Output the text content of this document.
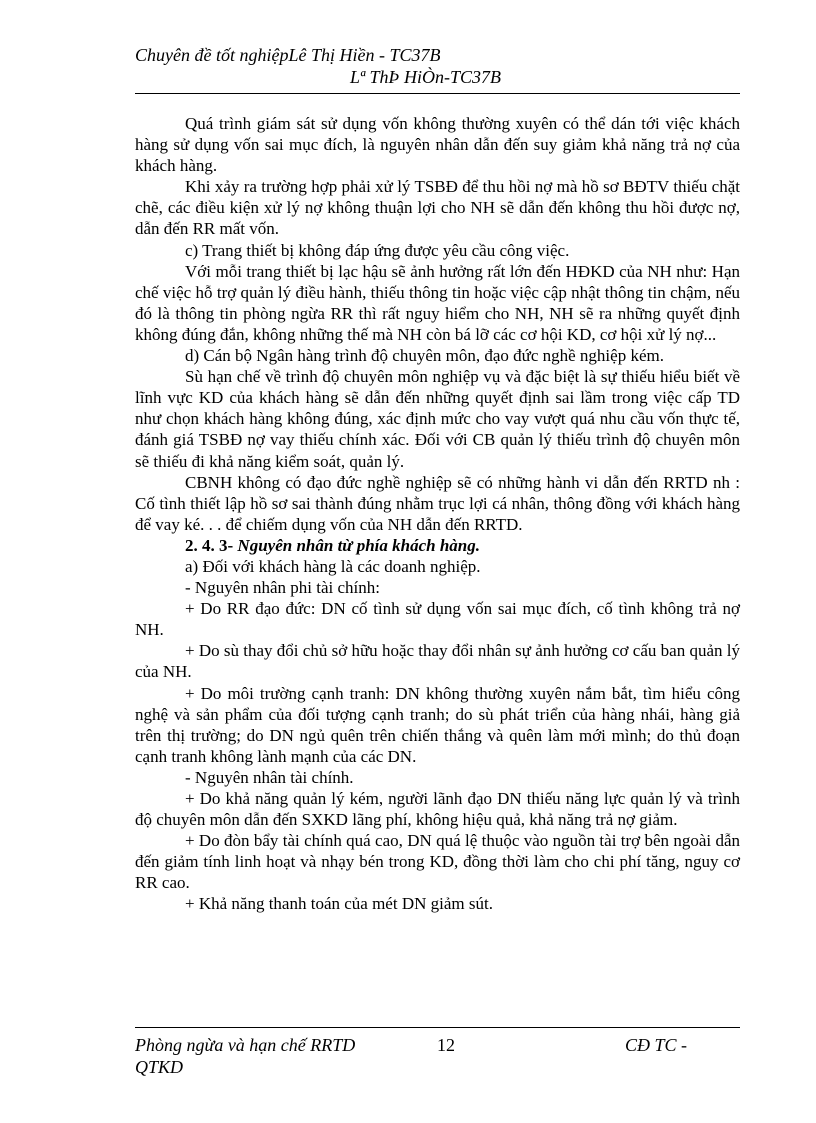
Chuyên đề tốt nghiệpLê Thị Hiền - TC37B
Lª ThÞ HiÒn-TC37B

Quá trình giám sát sử dụng vốn không thường xuyên có thể dán tới việc khách hàng sử dụng vốn sai mục đích, là nguyên nhân dẫn đến suy giảm khả năng trả nợ của khách hàng.

Khi xảy ra trường hợp phải xử lý TSBĐ để thu hồi nợ mà hồ sơ BĐTV thiếu chặt chẽ, các điều kiện xử lý nợ không thuận lợi cho NH sẽ dẫn đến không thu hồi được nợ, dẫn đến RR mất vốn.

c) Trang thiết bị không đáp ứng được yêu cầu công việc.

Với mỗi trang thiết bị lạc hậu sẽ ảnh hưởng rất lớn đến HĐKD của NH như: Hạn chế việc hỗ trợ quản lý điều hành, thiếu thông tin hoặc việc cập nhật thông tin chậm, nếu đó là thông tin phòng ngừa RR thì rất nguy hiểm cho NH, NH sẽ ra những quyết định không đúng đắn, không những thế mà NH còn bá lỡ các cơ hội KD, cơ hội xử lý nợ...

d) Cán bộ Ngân hàng trình độ chuyên môn, đạo đức nghề nghiệp kém.

Sù hạn chế về trình độ chuyên môn nghiệp vụ và đặc biệt là sự thiếu hiểu biết về lĩnh vực KD của khách hàng sẽ dẫn đến những quyết định sai lầm trong việc cấp TD như chọn khách hàng không đúng, xác định mức cho vay vượt quá nhu cầu vốn thực tế, đánh giá TSBĐ nợ vay thiếu chính xác. Đối với CB quản lý thiếu trình độ chuyên môn sẽ thiếu đi khả năng kiểm soát, quản lý.

CBNH không có đạo đức nghề nghiệp sẽ có những hành vi dẫn đến RRTD nh : Cố tình thiết lập hồ sơ sai thành đúng nhằm trục lợi cá nhân, thông đồng với khách hàng để vay ké. . . để chiếm dụng vốn của NH dẫn đến RRTD.

2. 4. 3- Nguyên nhân từ phía khách hàng.

a) Đối với khách hàng là các doanh nghiệp.

- Nguyên nhân phi tài chính:

+ Do RR đạo đức: DN cố tình sử dụng vốn sai mục đích, cố tình không trả nợ NH.

+ Do sù thay đổi chủ sở hữu hoặc thay đổi nhân sự ảnh hưởng cơ cấu ban quản lý của NH.

+ Do môi trường cạnh tranh: DN không thường xuyên nắm bắt, tìm hiểu công nghệ và sản phẩm của đối tượng cạnh tranh; do sù phát triển của hàng nhái, hàng giả trên thị trường; do DN ngủ quên trên chiến thắng và quên làm mới mình; do thủ đoạn cạnh tranh không lành mạnh của các DN.

- Nguyên nhân tài chính.

+ Do khả năng quản lý kém, người lãnh đạo DN thiếu năng lực quản lý và trình độ chuyên môn dẫn đến SXKD lãng phí, không hiệu quả, khả năng trả nợ giảm.

+ Do đòn bẩy tài chính quá cao, DN quá lệ thuộc vào nguồn tài trợ bên ngoài dẫn đến giảm tính linh hoạt và nhạy bén trong KD, đồng thời làm cho chi phí tăng, nguy cơ RR cao.

+ Khả năng thanh toán của mét DN giảm sút.

Phòng ngừa và hạn chế RRTD QTKD
12	CĐ TC -
